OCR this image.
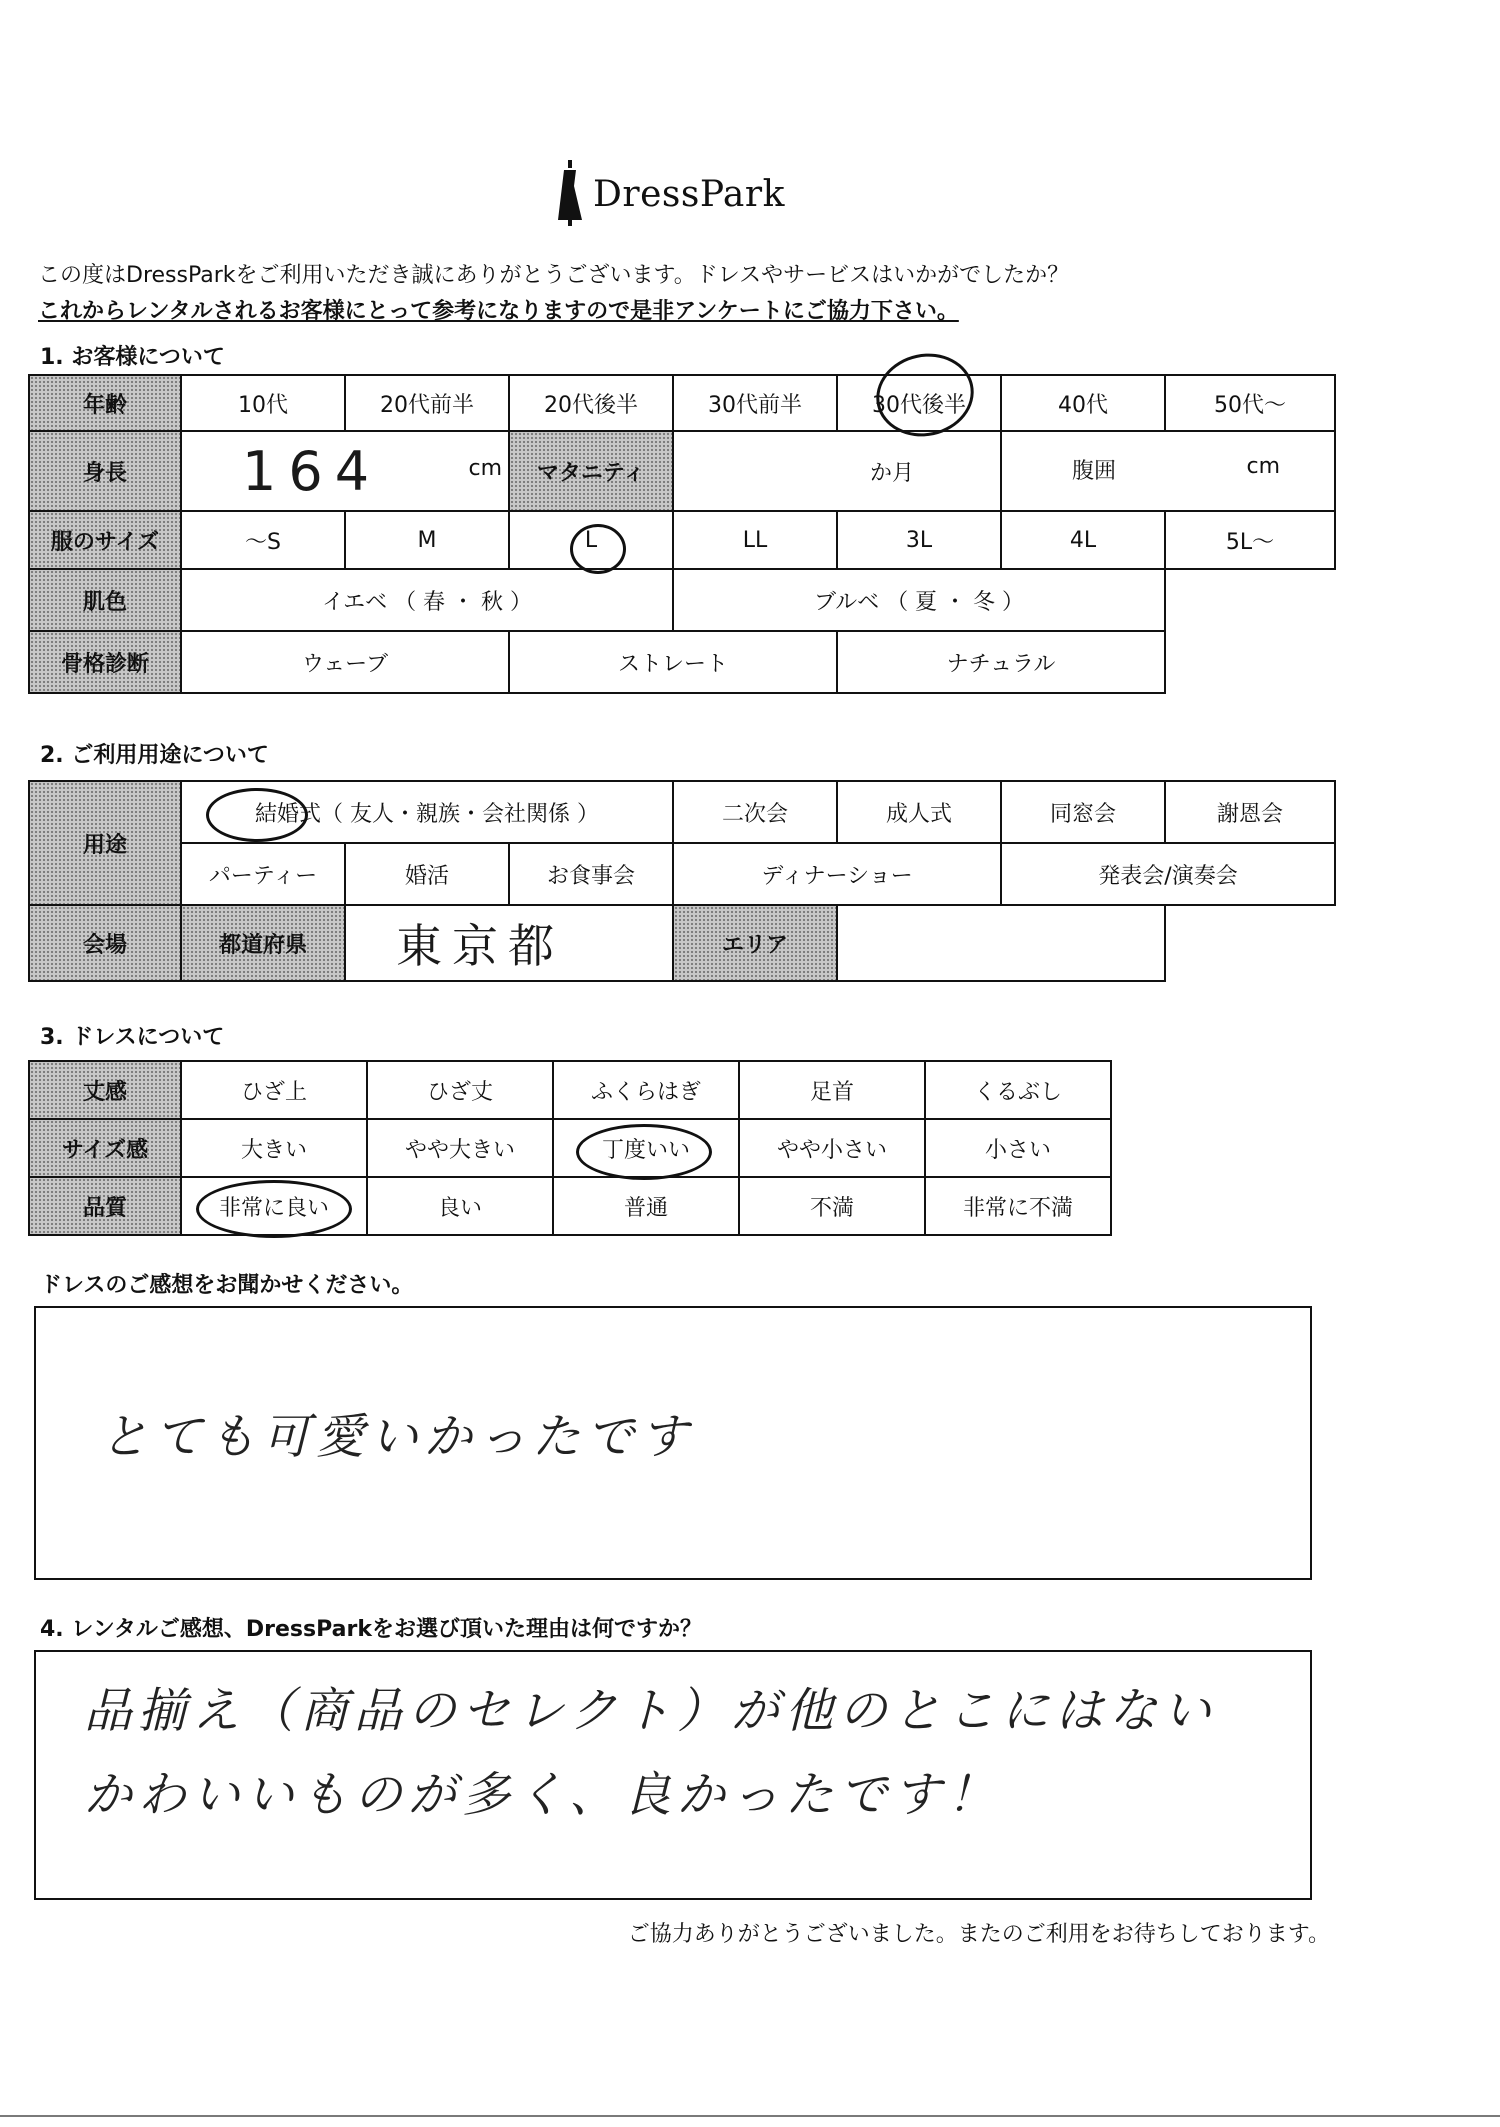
DressPark
この度はDressParkをご利用いただき誠にありがとうございます。ドレスやサービスはいかがでしたか？
これからレンタルされるお客様にとって参考になりますので是非アンケートにご協力下さい。
1. お客様について
年齢	10代	20代前半	20代後半	30代前半	30代後半	40代	50代〜
身長	164 cm		マタニティ	か月		腹囲 cm	

服のサイズ	〜S	M	L	LL	3L	4L	5L〜
肌色	イエベ （ 春 ・ 秋 ）			ブルベ （ 夏 ・ 冬 ）			
骨格診断	ウェーブ		ストレート		ナチュラル		
2. ご利用用途について
用途	結婚式（ 友人・親族・会社関係 ）			二次会	成人式	同窓会	謝恩会
	パーティー	婚活	お食事会	ディナーショー		発表会/演奏会	
会場	都道府県	東京都		エリア			
3. ドレスについて
丈感	ひざ上	ひざ丈	ふくらはぎ	足首	くるぶし
サイズ感	大きい	やや大きい	丁度いい	やや小さい	小さい
品質	非常に良い	良い	普通	不満	非常に不満
ドレスのご感想をお聞かせください。
とても可愛いかったです
4. レンタルご感想、DressParkをお選び頂いた理由は何ですか？
品揃え（商品のセレクト）が他のとこにはない
かわいいものが多く、良かったです！
ご協力ありがとうございました。またのご利用をお待ちしております。
